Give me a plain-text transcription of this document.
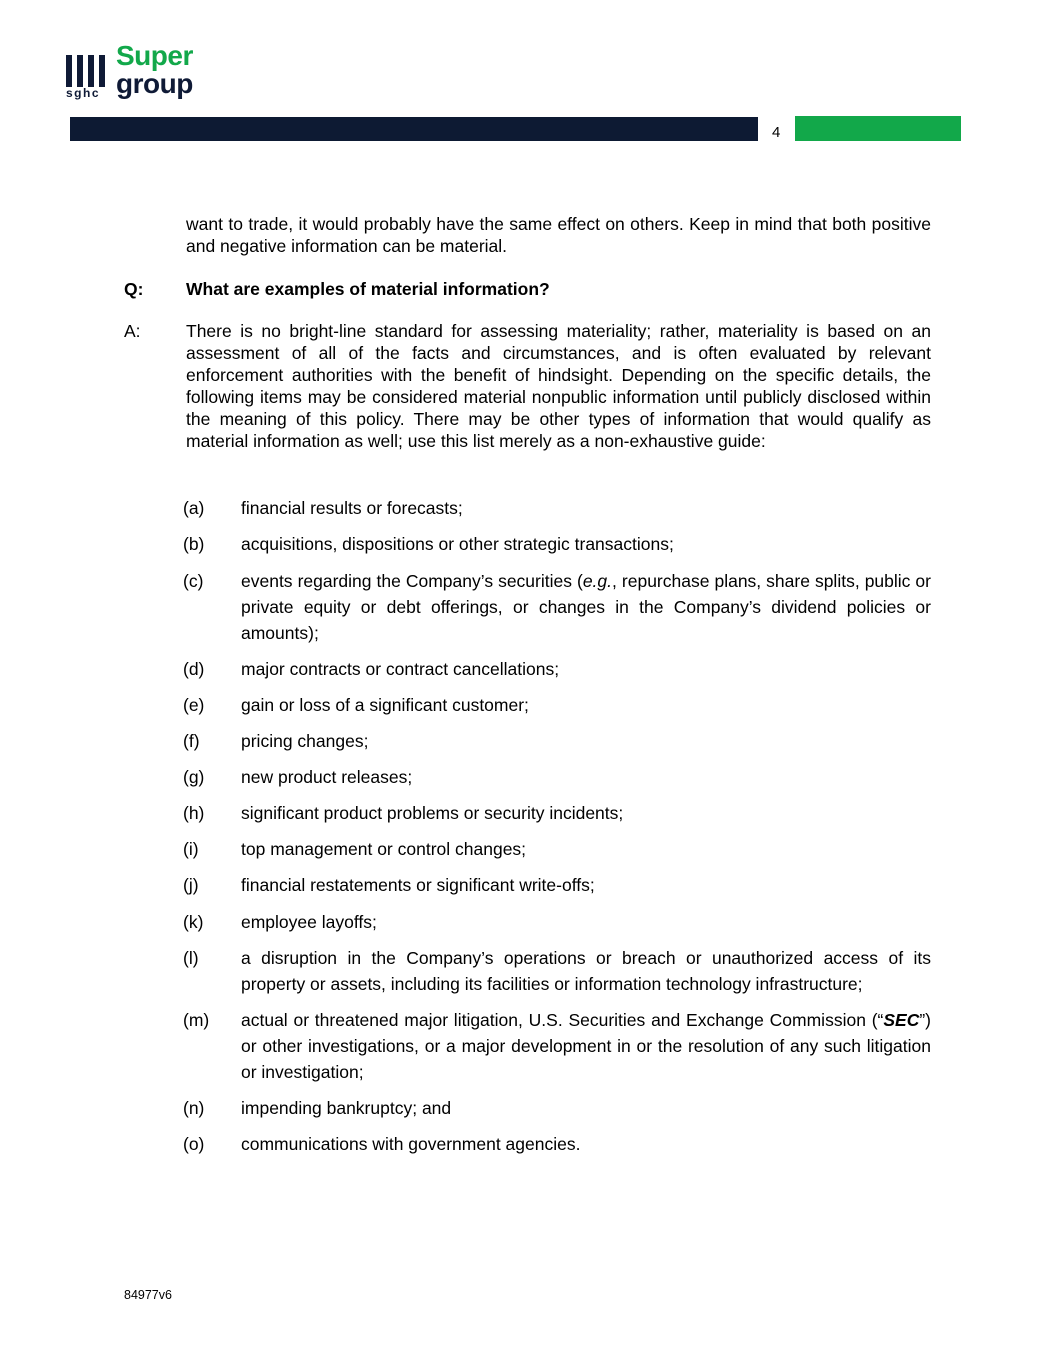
sghc
Super
group
4

want to trade, it would probably have the same effect on others. Keep in mind that both positive and negative information can be material.

Q: What are examples of material information?

A:	There is no bright-line standard for assessing materiality; rather, materiality is based on an assessment of all of the facts and circumstances, and is often evaluated by relevant enforcement authorities with the benefit of hindsight. Depending on the specific details, the following items may be considered material nonpublic information until publicly disclosed within the meaning of this policy. There may be other types of information that would qualify as material information as well; use this list merely as a non-exhaustive guide:

(a) financial results or forecasts;

(b) acquisitions, dispositions or other strategic transactions;

(c) events regarding the Company’s securities (e.g., repurchase plans, share splits, public or private equity or debt offerings, or changes in the Company’s dividend policies or amounts);

(d) major contracts or contract cancellations;

(e) gain or loss of a significant customer;

(f) pricing changes;

(g) new product releases;

(h) significant product problems or security incidents;

(i) top management or control changes;

(j) financial restatements or significant write-offs;

(k) employee layoffs;

(l) a disruption in the Company’s operations or breach or unauthorized access of its property or assets, including its facilities or information technology infrastructure;

(m) actual or threatened major litigation, U.S. Securities and Exchange Commission (“SEC”) or other investigations, or a major development in or the resolution of any such litigation or investigation;

(n) impending bankruptcy; and

(o) communications with government agencies.

84977v6
